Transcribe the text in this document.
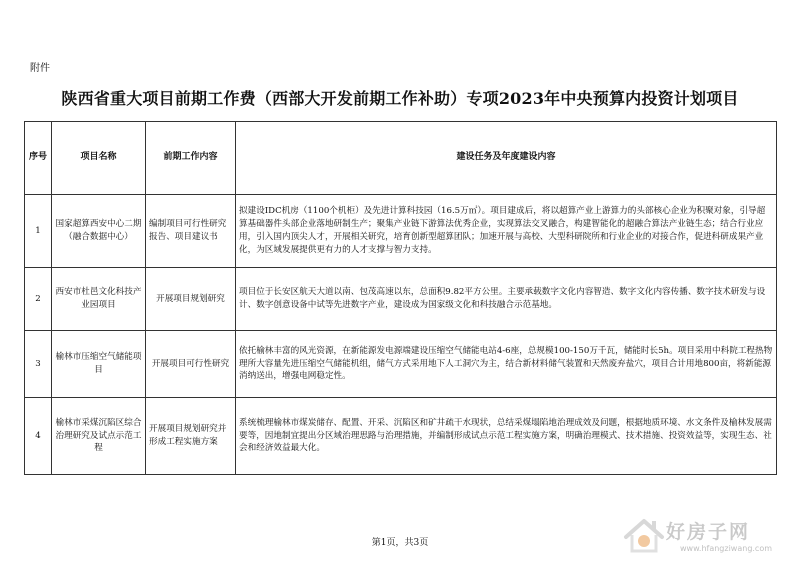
附件
陕西省重大项目前期工作费（西部大开发前期工作补助）专项2023年中央预算内投资计划项目
序号	项目名称	前期工作内容	建设任务及年度建设内容
1	国家超算西安中心二期（融合数据中心）	编制项目可行性研究报告、项目建议书	拟建设IDC机房（1100个机柜）及先进计算科技园（16.5万㎡）。项目建成后，将以超算产业上游算力的头部核心企业为积聚对象，引导超算基础器件头部企业落地研制生产；聚集产业链下游算法优秀企业，实现算法交叉融合，构建智能化的超融合算法产业链生态；结合行业应用，引入国内顶尖人才，开展相关研究，培育创新型超算团队；加速开展与高校、大型科研院所和行业企业的对接合作，促进科研成果产业化，为区域发展提供更有力的人才支撑与智力支持。
2	西安市杜邑文化科技产业园项目	开展项目规划研究	项目位于长安区航天大道以南、包茂高速以东，总面积9.82平方公里。主要承载数字文化内容智造、数字文化内容传播、数字技术研发与设计、数字创意设备中试等先进数字产业，建设成为国家级文化和科技融合示范基地。
3	榆林市压缩空气储能项目	开展项目可行性研究	依托榆林丰富的风光资源，在新能源发电源端建设压缩空气储能电站4-6座，总规模100-150万千瓦，储能时长5h。项目采用中科院工程热物理所大容量先进压缩空气储能机组，储气方式采用地下人工洞穴为主，结合新材料储气装置和天然废弃盐穴，项目合计用地800亩，将新能源消纳送出，增强电网稳定性。
4	榆林市采煤沉陷区综合治理研究及试点示范工程	开展项目规划研究并形成工程实施方案	系统梳理榆林市煤炭储存、配置、开采、沉陷区和矿井疏干水现状，总结采煤塌陷地治理成效及问题，根据地质环境、水文条件及榆林发展需要等，因地制宜提出分区域治理思路与治理措施，并编制形成试点示范工程实施方案，明确治理模式、技术措施、投资效益等，实现生态、社会和经济效益最大化。
第1页，共3页	好房子网
www.hfangziwang.com
